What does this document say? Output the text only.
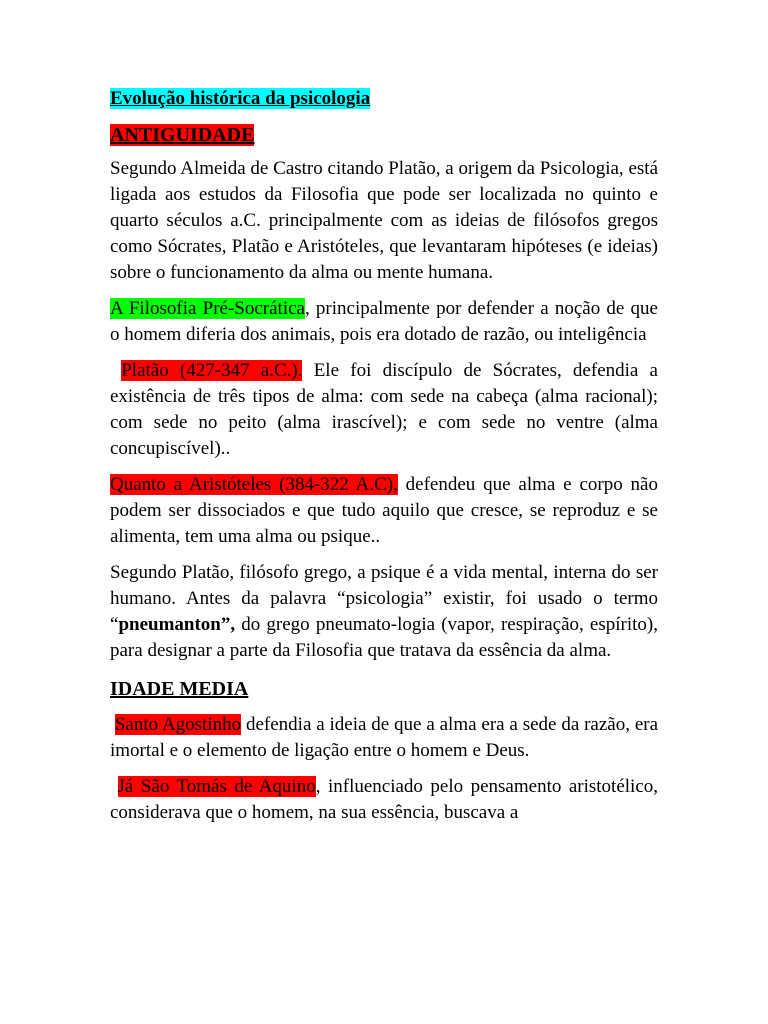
Evolução histórica da psicologia
ANTIGUIDADE

Segundo Almeida de Castro citando Platão, a origem da Psicologia, está ligada aos estudos da Filosofia que pode ser localizada no quinto e quarto séculos a.C. principalmente com as ideias de filósofos gregos como Sócrates, Platão e Aristóteles, que levantaram hipóteses (e ideias) sobre o funcionamento da alma ou mente humana.

A Filosofia Pré-Socrática, principalmente por defender a noção de que o homem diferia dos animais, pois era dotado de razão, ou inteligência

Platão (427-347 a.C.). Ele foi discípulo de Sócrates, defendia a existência de três tipos de alma: com sede na cabeça (alma racional); com sede no peito (alma irascível); e com sede no ventre (alma concupiscível)..

Quanto a Aristóteles (384-322 A.C), defendeu que alma e corpo não podem ser dissociados e que tudo aquilo que cresce, se reproduz e se alimenta, tem uma alma ou psique..

Segundo Platão, filósofo grego, a psique é a vida mental, interna do ser humano. Antes da palavra “psicologia” existir, foi usado o termo “pneumanton”, do grego pneumato-logia (vapor, respiração, espírito), para designar a parte da Filosofia que tratava da essência da alma.

IDADE MEDIA

Santo Agostinho defendia a ideia de que a alma era a sede da razão, era imortal e o elemento de ligação entre o homem e Deus.

Já São Tomás de Aquino, influenciado pelo pensamento aristotélico, considerava que o homem, na sua essência, buscava a
